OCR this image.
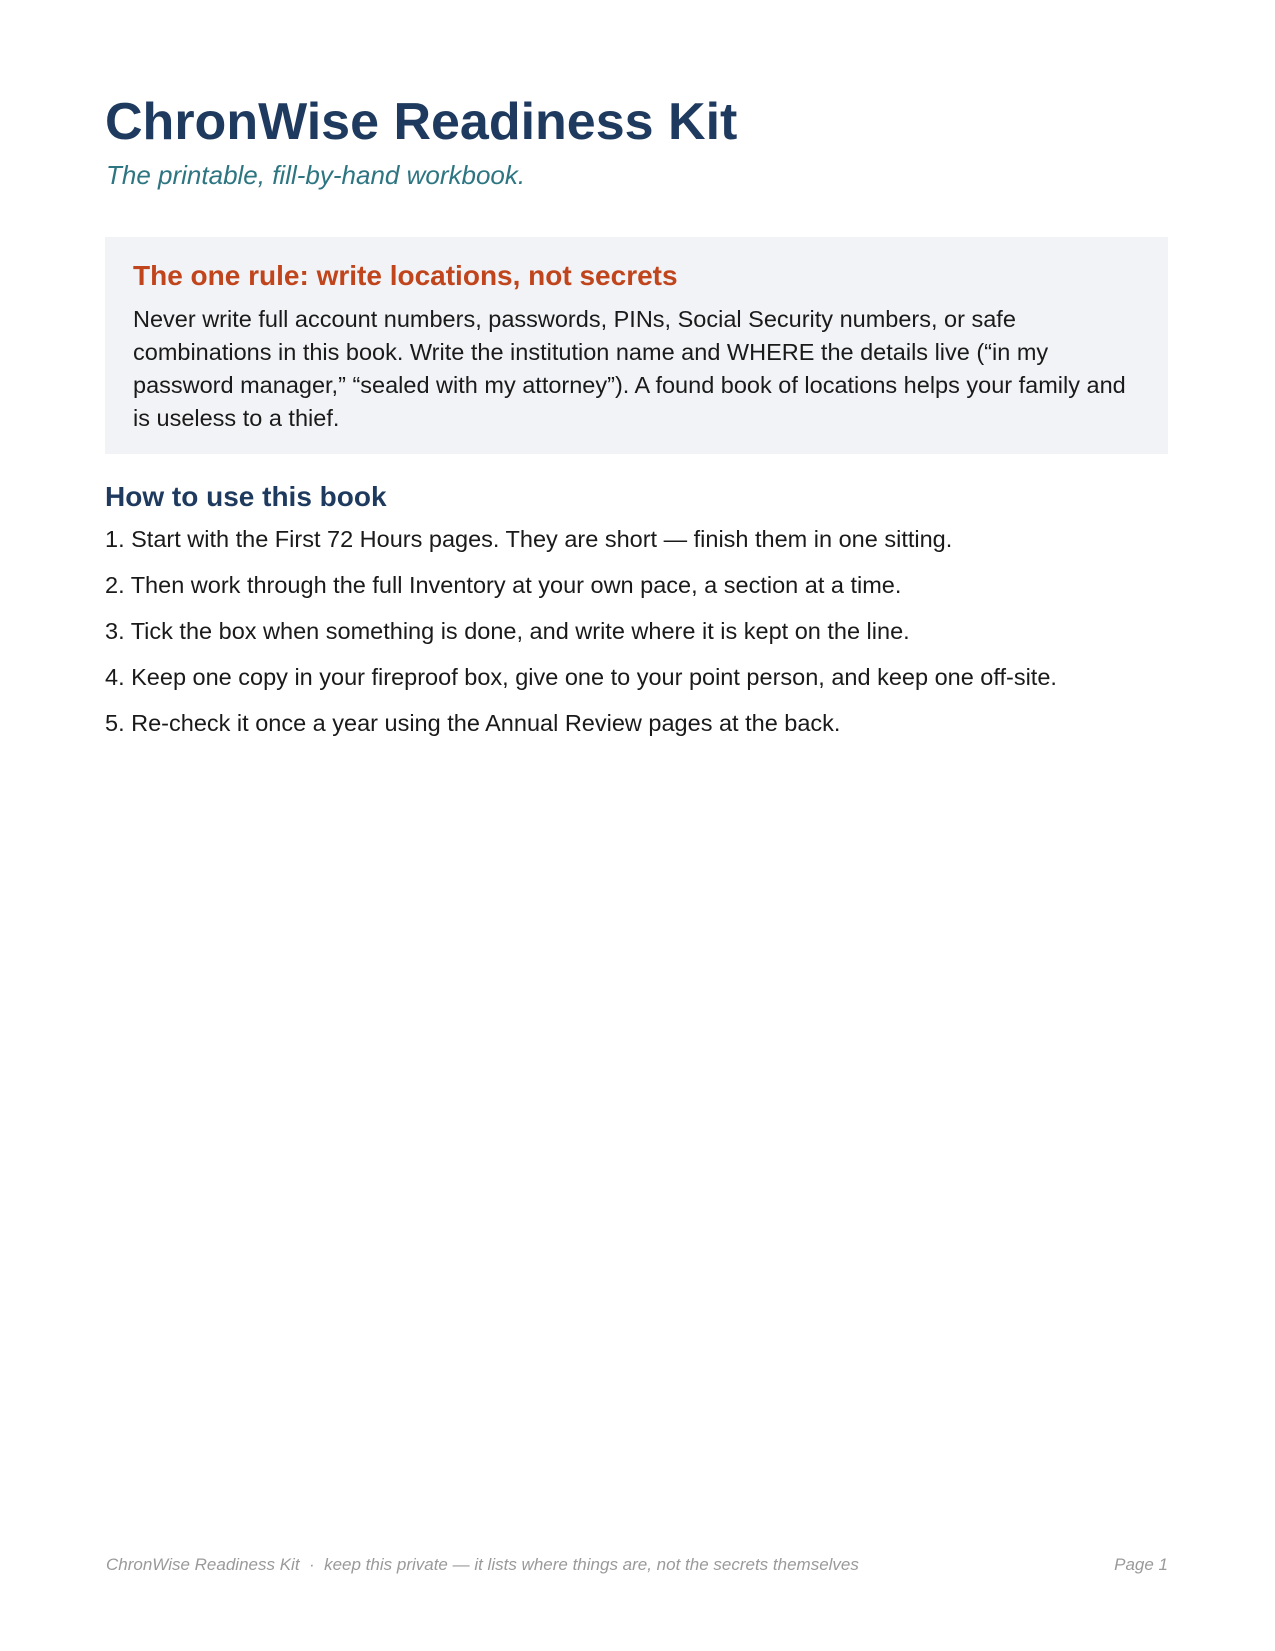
ChronWise Readiness Kit

The printable, fill-by-hand workbook.

The one rule: write locations, not secrets

Never write full account numbers, passwords, PINs, Social Security numbers, or safe combinations in this book. Write the institution name and WHERE the details live (“in my password manager,” “sealed with my attorney”). A found book of locations helps your family and is useless to a thief.

How to use this book
1. Start with the First 72 Hours pages. They are short — finish them in one sitting.
2. Then work through the full Inventory at your own pace, a section at a time.
3. Tick the box when something is done, and write where it is kept on the line.
4. Keep one copy in your fireproof box, give one to your point person, and keep one off-site.
5. Re-check it once a year using the Annual Review pages at the back.
ChronWise Readiness Kit  ·  keep this private — it lists where things are, not the secrets themselves	Page 1
